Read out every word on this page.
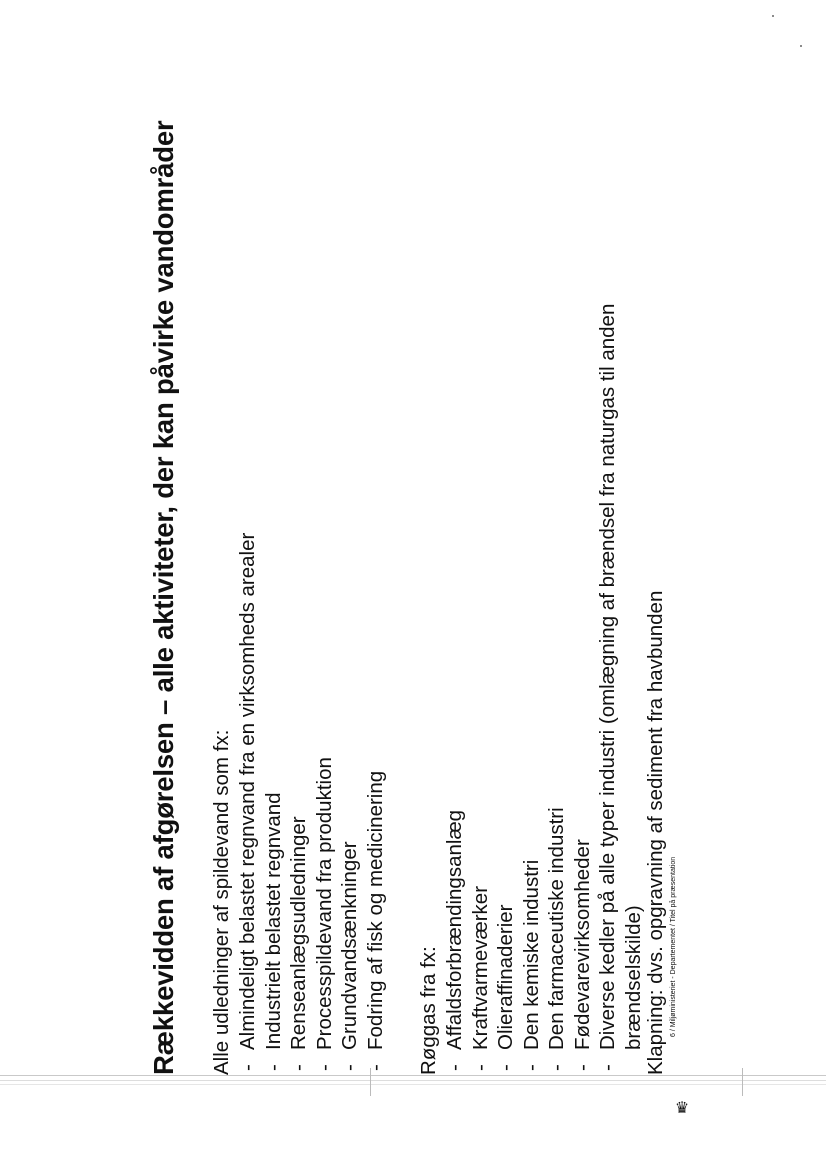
Rækkevidden af afgørelsen – alle aktiviteter, der kan påvirke vandområder Alle udledninger af spildevand som fx: - Almindeligt belastet regnvand fra en virksomheds arealer - Industrielt belastet regnvand - Renseanlægsudledninger - Processpildevand fra produktion - Grundvandsænkninger - Fodring af fisk og medicinering Røggas fra fx: - Affaldsforbrændingsanlæg - Kraftvarmeværker - Olieraffinaderier - Den kemiske industri - Den farmaceutiske industri - Fødevarevirksomheder - Diverse kedler på alle typer industri (omlægning af brændsel fra naturgas til anden brændselskilde) Klapning: dvs. opgravning af sediment fra havbunden 6 / Miljøministeriet - Departementet / Titel på præsentation
♛
